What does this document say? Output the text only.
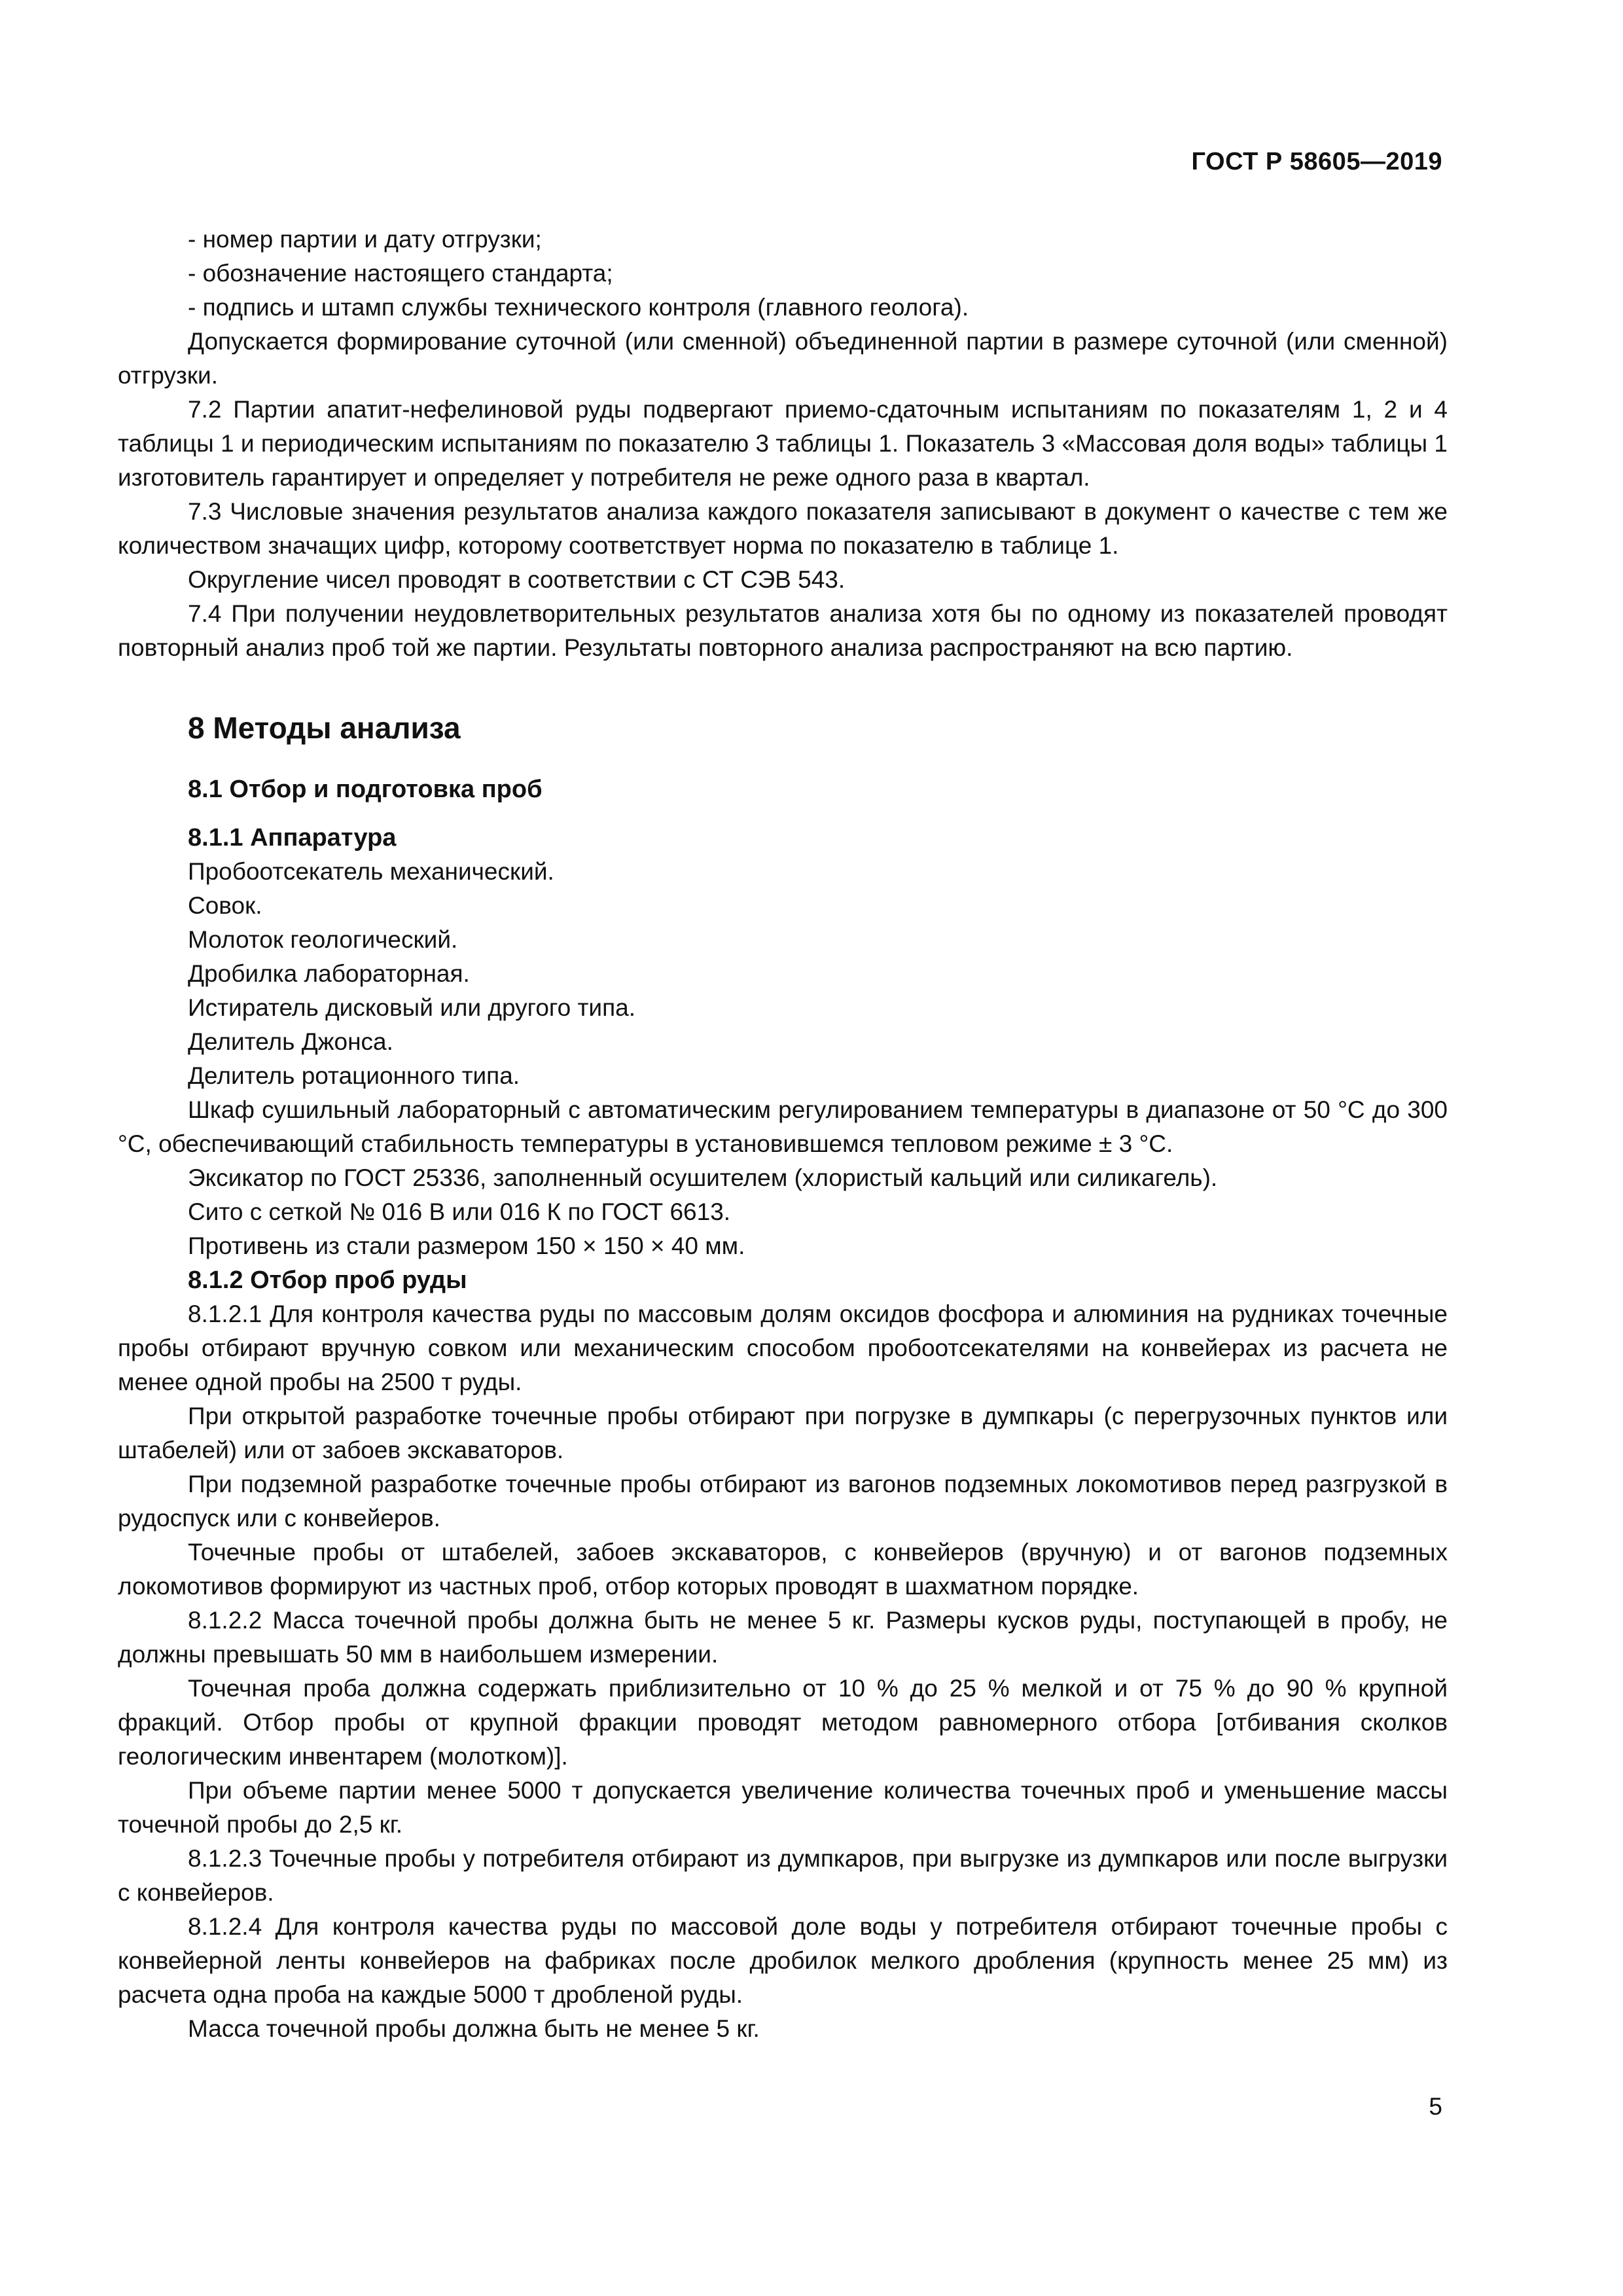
ГОСТ Р 58605—2019

- номер партии и дату отгрузки;

- обозначение настоящего стандарта;

- подпись и штамп службы технического контроля (главного геолога).

Допускается формирование суточной (или сменной) объединенной партии в размере суточной (или сменной) отгрузки.

7.2 Партии апатит-нефелиновой руды подвергают приемо-сдаточным испытаниям по показателям 1, 2 и 4 таблицы 1 и периодическим испытаниям по показателю 3 таблицы 1. Показатель 3 «Массовая доля воды» таблицы 1 изготовитель гарантирует и определяет у потребителя не реже одного раза в квартал.

7.3 Числовые значения результатов анализа каждого показателя записывают в документ о качестве с тем же количеством значащих цифр, которому соответствует норма по показателю в таблице 1.

Округление чисел проводят в соответствии с СТ СЭВ 543.

7.4 При получении неудовлетворительных результатов анализа хотя бы по одному из показателей проводят повторный анализ проб той же партии. Результаты повторного анализа распространяют на всю партию.

8 Методы анализа
8.1 Отбор и подготовка проб
8.1.1 Аппаратура

Пробоотсекатель механический.

Совок.

Молоток геологический.

Дробилка лабораторная.

Истиратель дисковый или другого типа.

Делитель Джонса.

Делитель ротационного типа.

Шкаф сушильный лабораторный с автоматическим регулированием температуры в диапазоне от 50 °С до 300 °С, обеспечивающий стабильность температуры в установившемся тепловом режиме ± 3 °С.

Эксикатор по ГОСТ 25336, заполненный осушителем (хлористый кальций или силикагель).

Сито с сеткой № 016 В или 016 К по ГОСТ 6613.

Противень из стали размером 150 × 150 × 40 мм.

8.1.2 Отбор проб руды

8.1.2.1 Для контроля качества руды по массовым долям оксидов фосфора и алюминия на рудниках точечные пробы отбирают вручную совком или механическим способом пробоотсекателями на конвейерах из расчета не менее одной пробы на 2500 т руды.

При открытой разработке точечные пробы отбирают при погрузке в думпкары (с перегрузочных пунктов или штабелей) или от забоев экскаваторов.

При подземной разработке точечные пробы отбирают из вагонов подземных локомотивов перед разгрузкой в рудоспуск или с конвейеров.

Точечные пробы от штабелей, забоев экскаваторов, с конвейеров (вручную) и от вагонов подземных локомотивов формируют из частных проб, отбор которых проводят в шахматном порядке.

8.1.2.2 Масса точечной пробы должна быть не менее 5 кг. Размеры кусков руды, поступающей в пробу, не должны превышать 50 мм в наибольшем измерении.

Точечная проба должна содержать приблизительно от 10 % до 25 % мелкой и от 75 % до 90 % крупной фракций. Отбор пробы от крупной фракции проводят методом равномерного отбора [отбивания сколков геологическим инвентарем (молотком)].

При объеме партии менее 5000 т допускается увеличение количества точечных проб и уменьшение массы точечной пробы до 2,5 кг.

8.1.2.3 Точечные пробы у потребителя отбирают из думпкаров, при выгрузке из думпкаров или после выгрузки с конвейеров.

8.1.2.4 Для контроля качества руды по массовой доле воды у потребителя отбирают точечные пробы с конвейерной ленты конвейеров на фабриках после дробилок мелкого дробления (крупность менее 25 мм) из расчета одна проба на каждые 5000 т дробленой руды.

Масса точечной пробы должна быть не менее 5 кг.

5
